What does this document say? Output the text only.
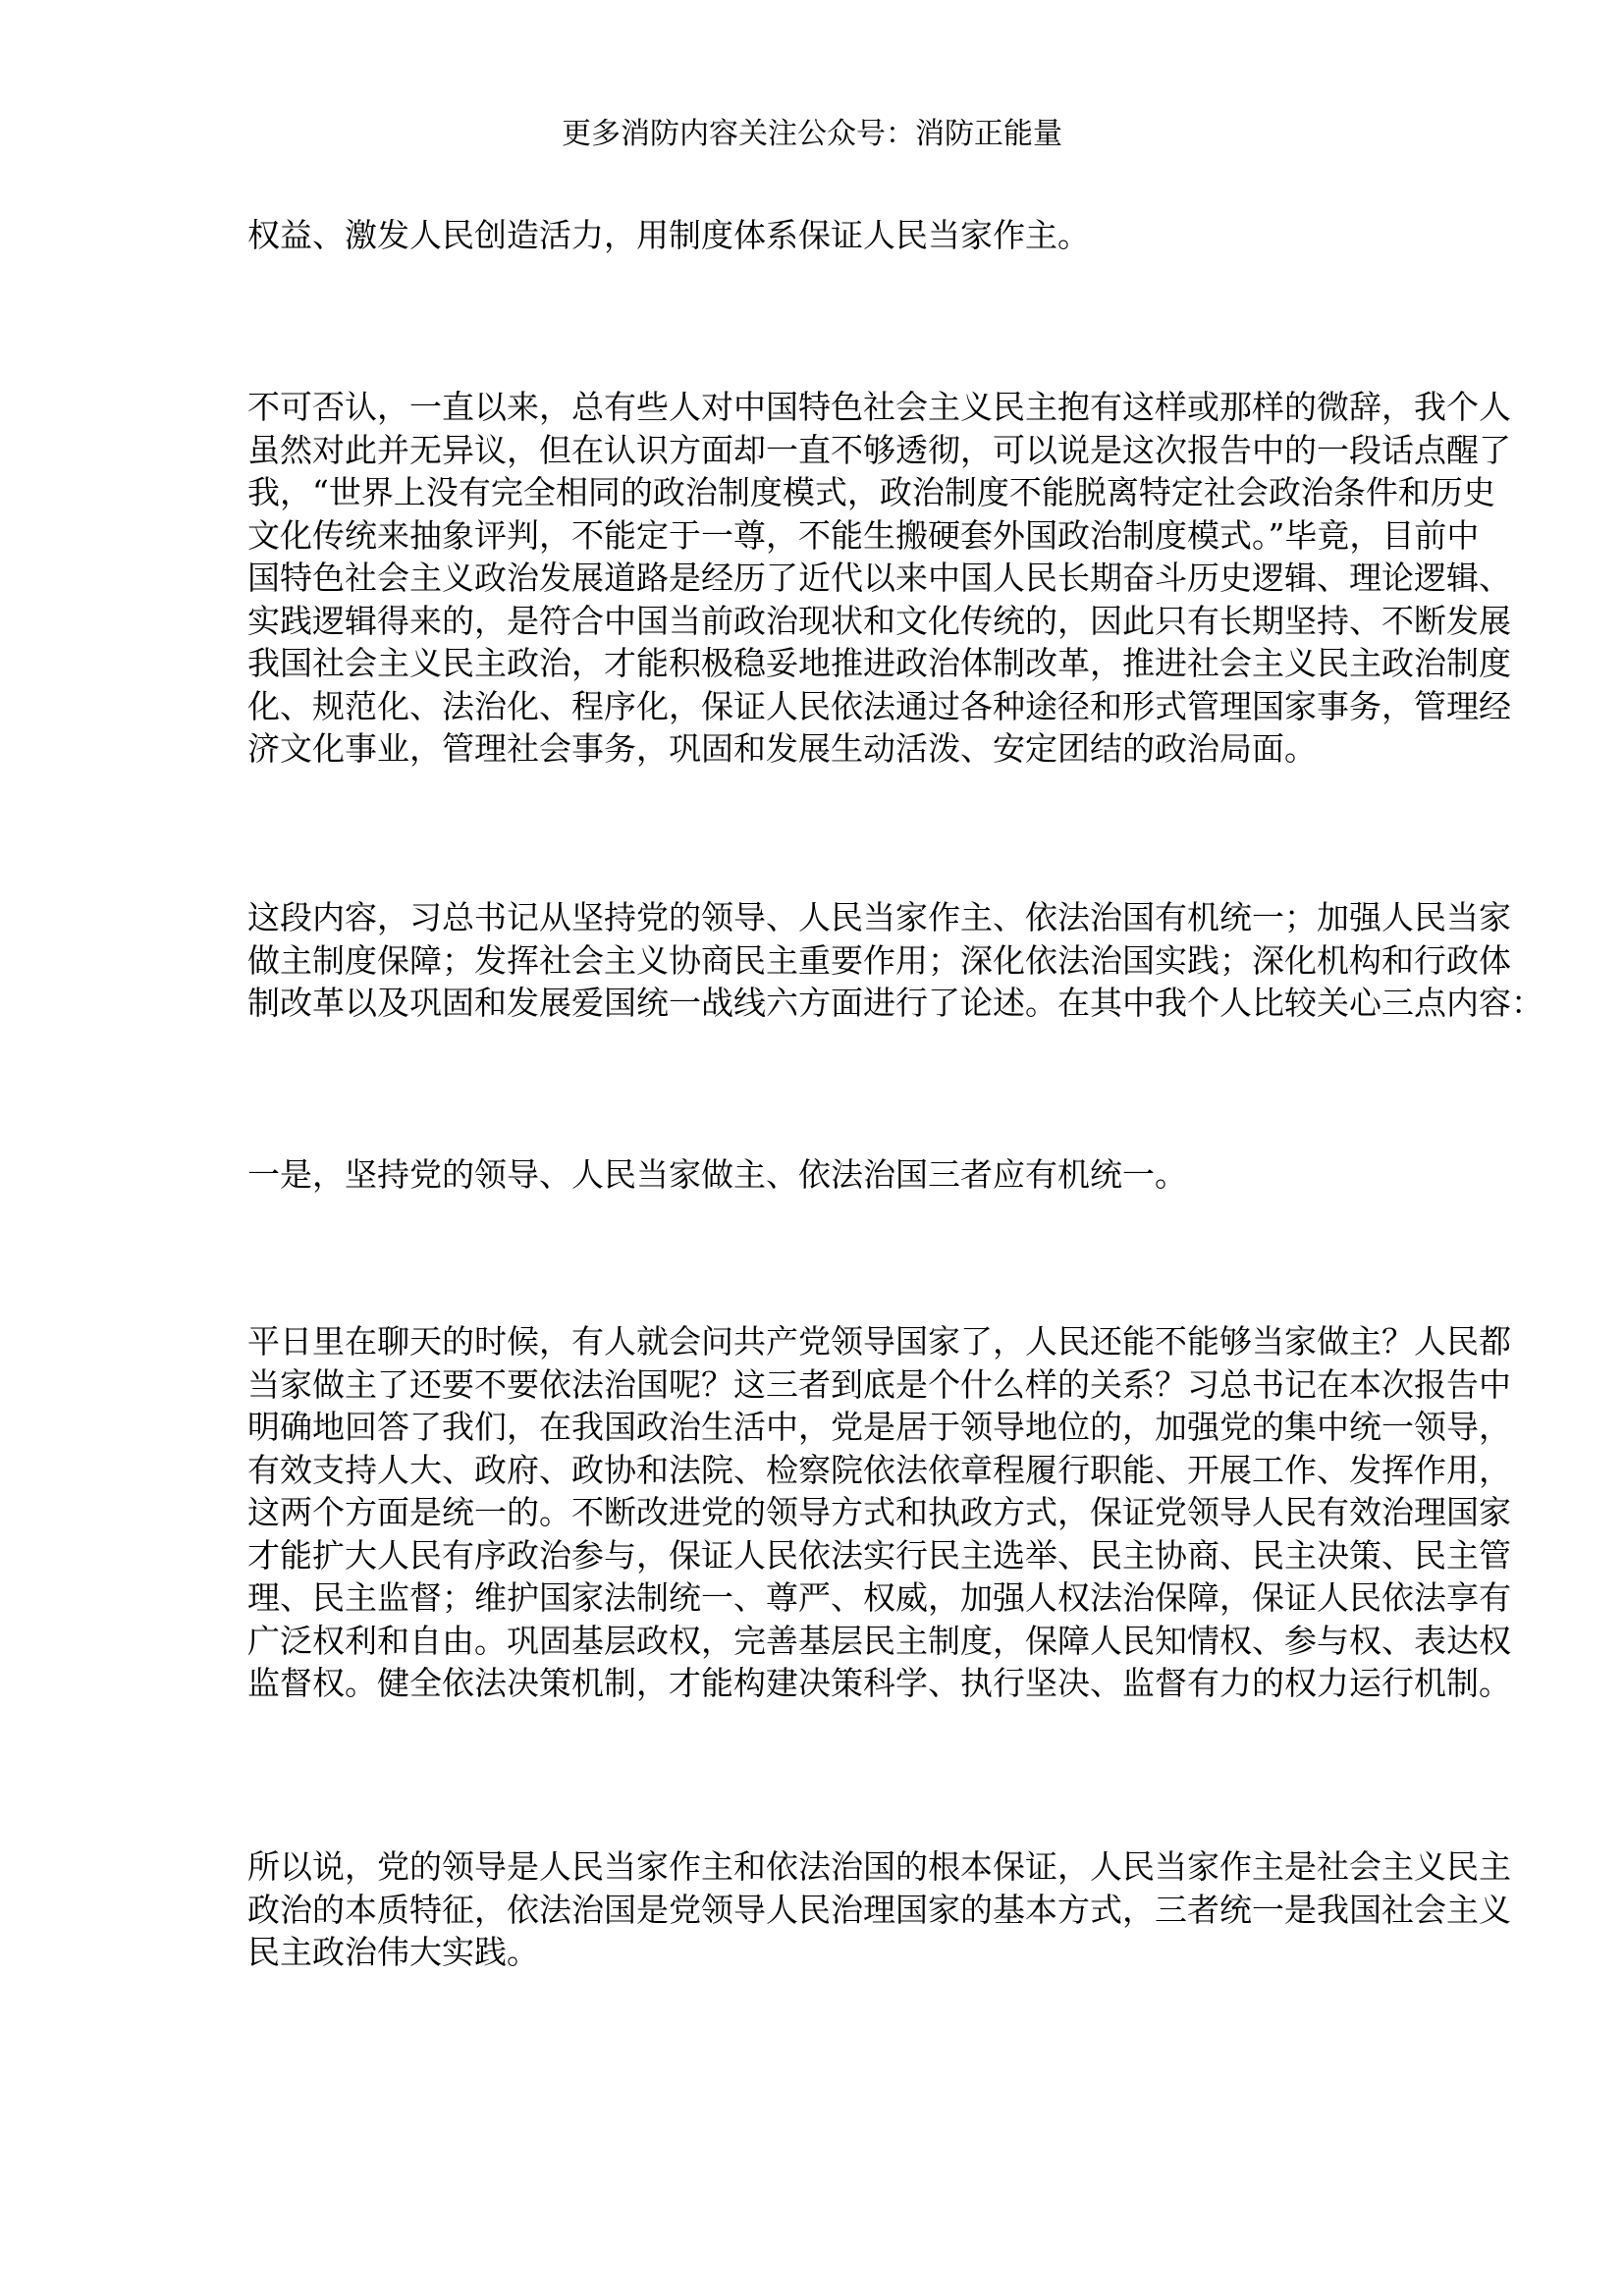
更多消防内容关注公众号：消防正能量
权益、激发人民创造活力，用制度体系保证人民当家作主。
不可否认，一直以来，总有些人对中国特色社会主义民主抱有这样或那样的微辞，我个人
虽然对此并无异议，但在认识方面却一直不够透彻，可以说是这次报告中的一段话点醒了
我，“世界上没有完全相同的政治制度模式，政治制度不能脱离特定社会政治条件和历史
文化传统来抽象评判，不能定于一尊，不能生搬硬套外国政治制度模式。”毕竟，目前中
国特色社会主义政治发展道路是经历了近代以来中国人民长期奋斗历史逻辑、理论逻辑、
实践逻辑得来的，是符合中国当前政治现状和文化传统的，因此只有长期坚持、不断发展
我国社会主义民主政治，才能积极稳妥地推进政治体制改革，推进社会主义民主政治制度
化、规范化、法治化、程序化，保证人民依法通过各种途径和形式管理国家事务，管理经
济文化事业，管理社会事务，巩固和发展生动活泼、安定团结的政治局面。
这段内容，习总书记从坚持党的领导、人民当家作主、依法治国有机统一；加强人民当家
做主制度保障；发挥社会主义协商民主重要作用；深化依法治国实践；深化机构和行政体
制改革以及巩固和发展爱国统一战线六方面进行了论述。在其中我个人比较关心三点内容：
一是，坚持党的领导、人民当家做主、依法治国三者应有机统一。
平日里在聊天的时候，有人就会问共产党领导国家了，人民还能不能够当家做主？人民都
当家做主了还要不要依法治国呢？这三者到底是个什么样的关系？习总书记在本次报告中
明确地回答了我们，在我国政治生活中，党是居于领导地位的，加强党的集中统一领导，
有效支持人大、政府、政协和法院、检察院依法依章程履行职能、开展工作、发挥作用，
这两个方面是统一的。不断改进党的领导方式和执政方式，保证党领导人民有效治理国家
才能扩大人民有序政治参与，保证人民依法实行民主选举、民主协商、民主决策、民主管
理、民主监督；维护国家法制统一、尊严、权威，加强人权法治保障，保证人民依法享有
广泛权利和自由。巩固基层政权，完善基层民主制度，保障人民知情权、参与权、表达权
监督权。健全依法决策机制，才能构建决策科学、执行坚决、监督有力的权力运行机制。
所以说，党的领导是人民当家作主和依法治国的根本保证，人民当家作主是社会主义民主
政治的本质特征，依法治国是党领导人民治理国家的基本方式，三者统一是我国社会主义
民主政治伟大实践。
